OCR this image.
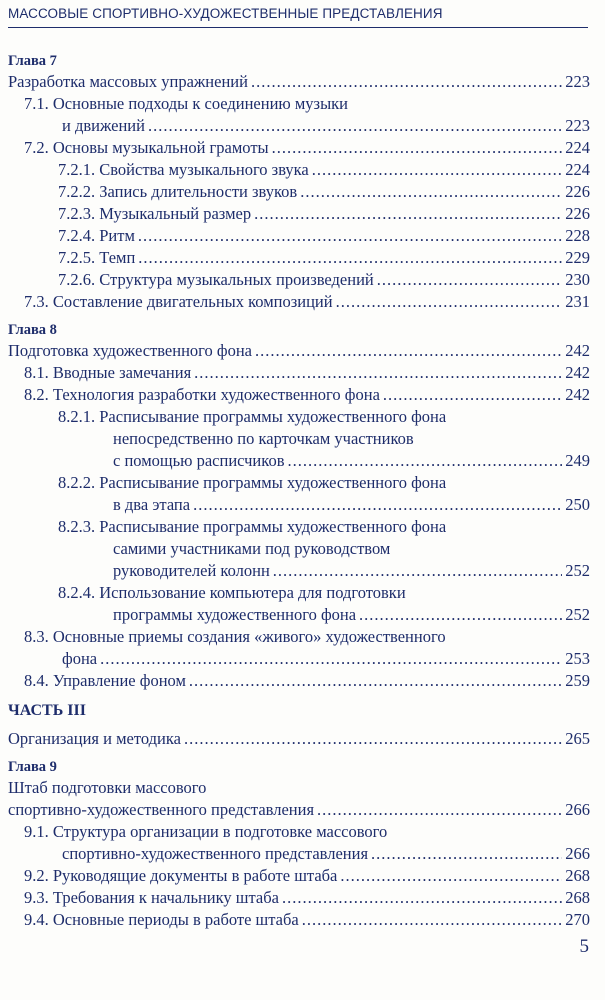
МАССОВЫЕ СПОРТИВНО-ХУДОЖЕСТВЕННЫЕ ПРЕДСТАВЛЕНИЯ
Глава 7
Разработка массовых упражнений .....	223
7.1. Основные подходы к соединению музыки
и движений .....	223
7.2. Основы музыкальной грамоты .....	224
7.2.1. Свойства музыкального звука .....	224
7.2.2. Запись длительности звуков .....	226
7.2.3. Музыкальный размер .....	226
7.2.4. Ритм .....	228
7.2.5. Темп .....	229
7.2.6. Структура музыкальных произведений .....	230
7.3. Составление двигательных композиций .....	231
Глава 8
Подготовка художественного фона .....	242
8.1. Вводные замечания .....	242
8.2. Технология разработки художественного фона .....	242
8.2.1. Расписывание программы художественного фона
непосредственно по карточкам участников
с помощью расписчиков .....	249
8.2.2. Расписывание программы художественного фона
в два этапа .....	250
8.2.3. Расписывание программы художественного фона
самими участниками под руководством
руководителей колонн .....	252
8.2.4. Использование компьютера для подготовки
программы художественного фона .....	252
8.3. Основные приемы создания «живого» художественного
фона .....	253
8.4. Управление фоном .....	259
ЧАСТЬ III
Организация и методика .....	265
Глава 9
Штаб подготовки массового
спортивно-художественного представления .....	266
9.1. Структура организации в подготовке массового
спортивно-художественного представления .....	266
9.2. Руководящие документы в работе штаба .....	268
9.3. Требования к начальнику штаба .....	268
9.4. Основные периоды в работе штаба .....	270
5
